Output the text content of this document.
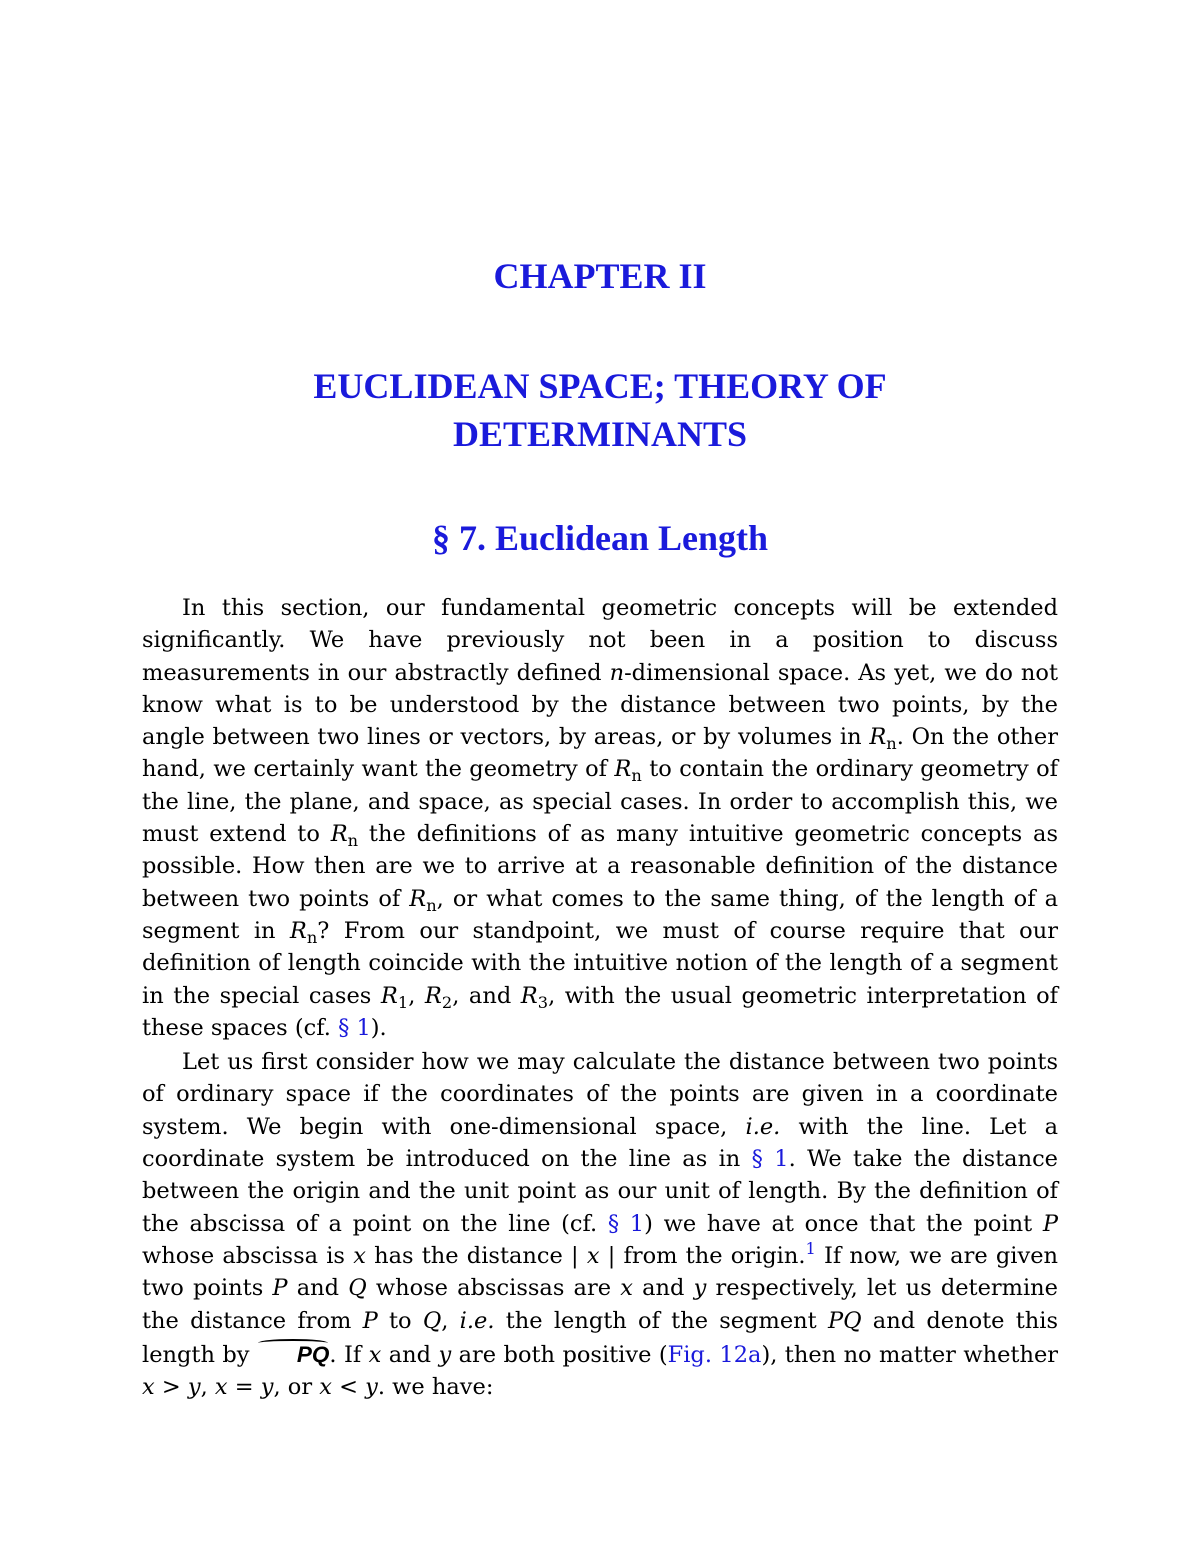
CHAPTER II
EUCLIDEAN SPACE; THEORY OF
DETERMINANTS
§ 7. Euclidean Length

In this section, our fundamental geometric concepts will be extended significantly. We have previously not been in a position to discuss measurements in our abstractly defined n-dimensional space. As yet, we do not know what is to be understood by the distance between two points, by the angle between two lines or vectors, by areas, or by volumes in $R_n$. On the other hand, we certainly want the geometry of $R_n$ to contain the ordinary geometry of the line, the plane, and space, as special cases. In order to accomplish this, we must extend to $R_n$ the definitions of as many intuitive geometric concepts as possible. How then are we to arrive at a reasonable definition of the distance between two points of $R_n$, or what comes to the same thing, of the length of a segment in $R_n$? From our standpoint, we must of course require that our definition of length coincide with the intuitive notion of the length of a segment in the special cases $R_1$, $R_2$, and $R_3$, with the usual geometric interpretation of these spaces (cf. § 1).

Let us first consider how we may calculate the distance between two points of ordinary space if the coordinates of the points are given in a coordinate system. We begin with one-dimensional space, i.e. with the line. Let a coordinate system be introduced on the line as in § 1. We take the distance between the origin and the unit point as our unit of length. By the definition of the abscissa of a point on the line (cf. § 1) we have at once that the point P whose abscissa is x has the distance | x | from the origin.$^1$ If now, we are given two points P and Q whose abscissas are x and y respectively, let us determine the distance from P to Q, i.e. the length of the segment PQ and denote this length by PQ. If x and y are both positive (Fig. 12a), then no matter whether x > y, x = y, or x < y. we have:
